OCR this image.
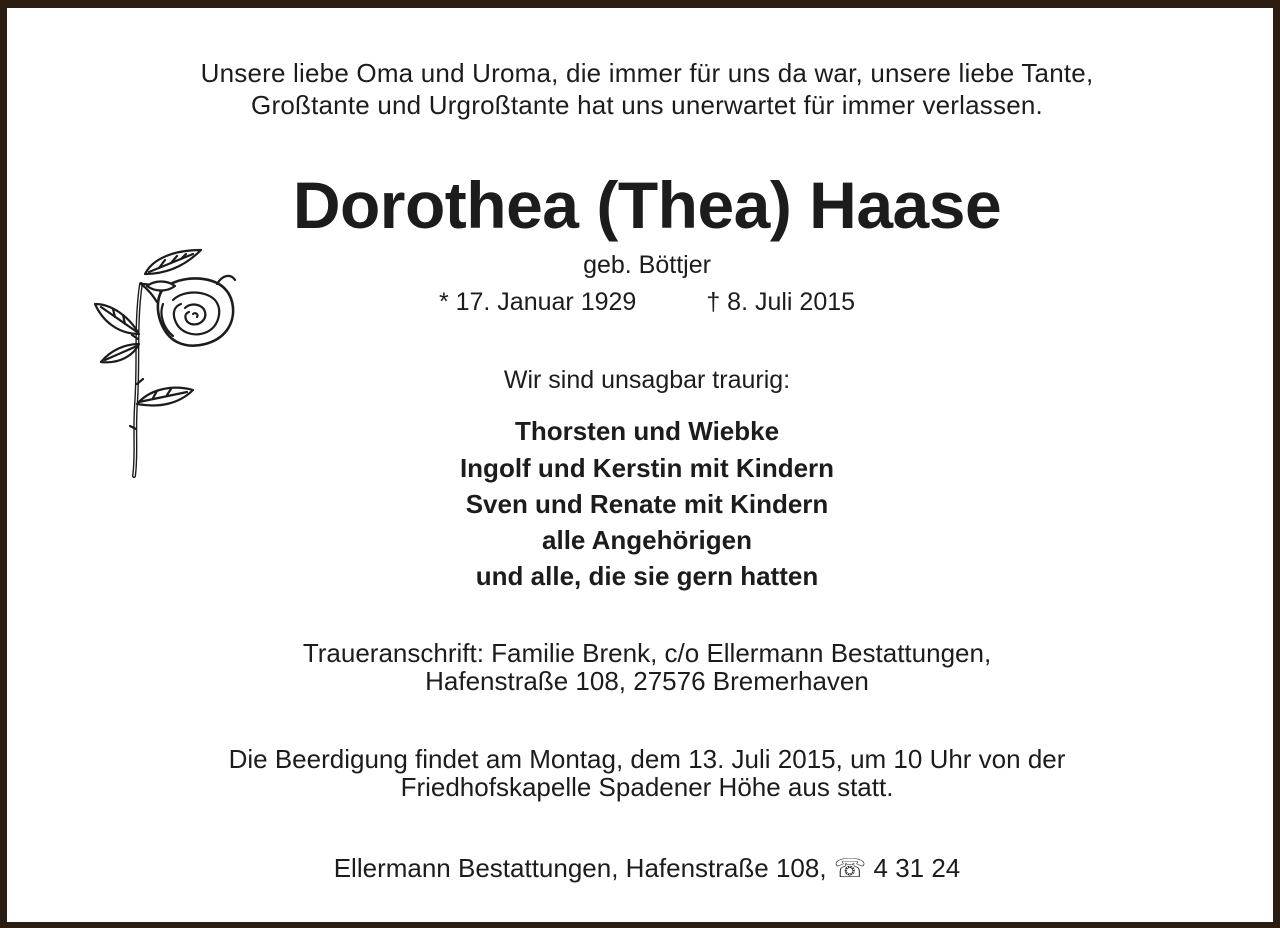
Unsere liebe Oma und Uroma, die immer für uns da war, unsere liebe Tante,
Großtante und Urgroßtante hat uns unerwartet für immer verlassen.
Dorothea (Thea) Haase
geb. Böttjer
* 17. Januar 1929	† 8. Juli 2015
Wir sind unsagbar traurig:
Thorsten und Wiebke
Ingolf und Kerstin mit Kindern
Sven und Renate mit Kindern
alle Angehörigen
und alle, die sie gern hatten
Traueranschrift: Familie Brenk, c/o Ellermann Bestattungen,
Hafenstraße 108, 27576 Bremerhaven
Die Beerdigung findet am Montag, dem 13. Juli 2015, um 10 Uhr von der
Friedhofskapelle Spadener Höhe aus statt.
Ellermann Bestattungen, Hafenstraße 108, ☏ 4 31 24
